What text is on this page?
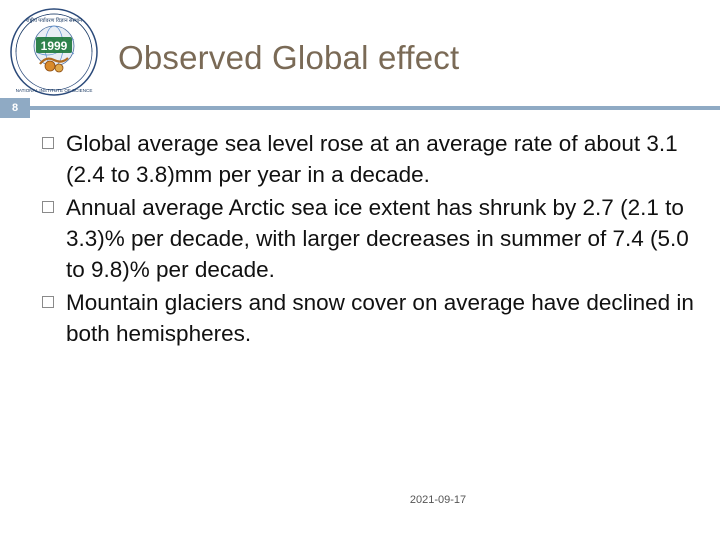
राष्ट्रीय पर्यावरण विज्ञान संस्थान
NATIONAL INSTITUTE OF SCIENCE
1999 Observed Global effect
8
Global average sea level rose at an average rate of about 3.1 (2.4 to 3.8)mm per year in a decade.
Annual average Arctic sea ice extent has shrunk by 2.7 (2.1 to 3.3)% per decade, with larger decreases in summer of 7.4 (5.0 to 9.8)% per decade.
Mountain glaciers and snow cover on average have declined in both hemispheres.
2021-09-17
